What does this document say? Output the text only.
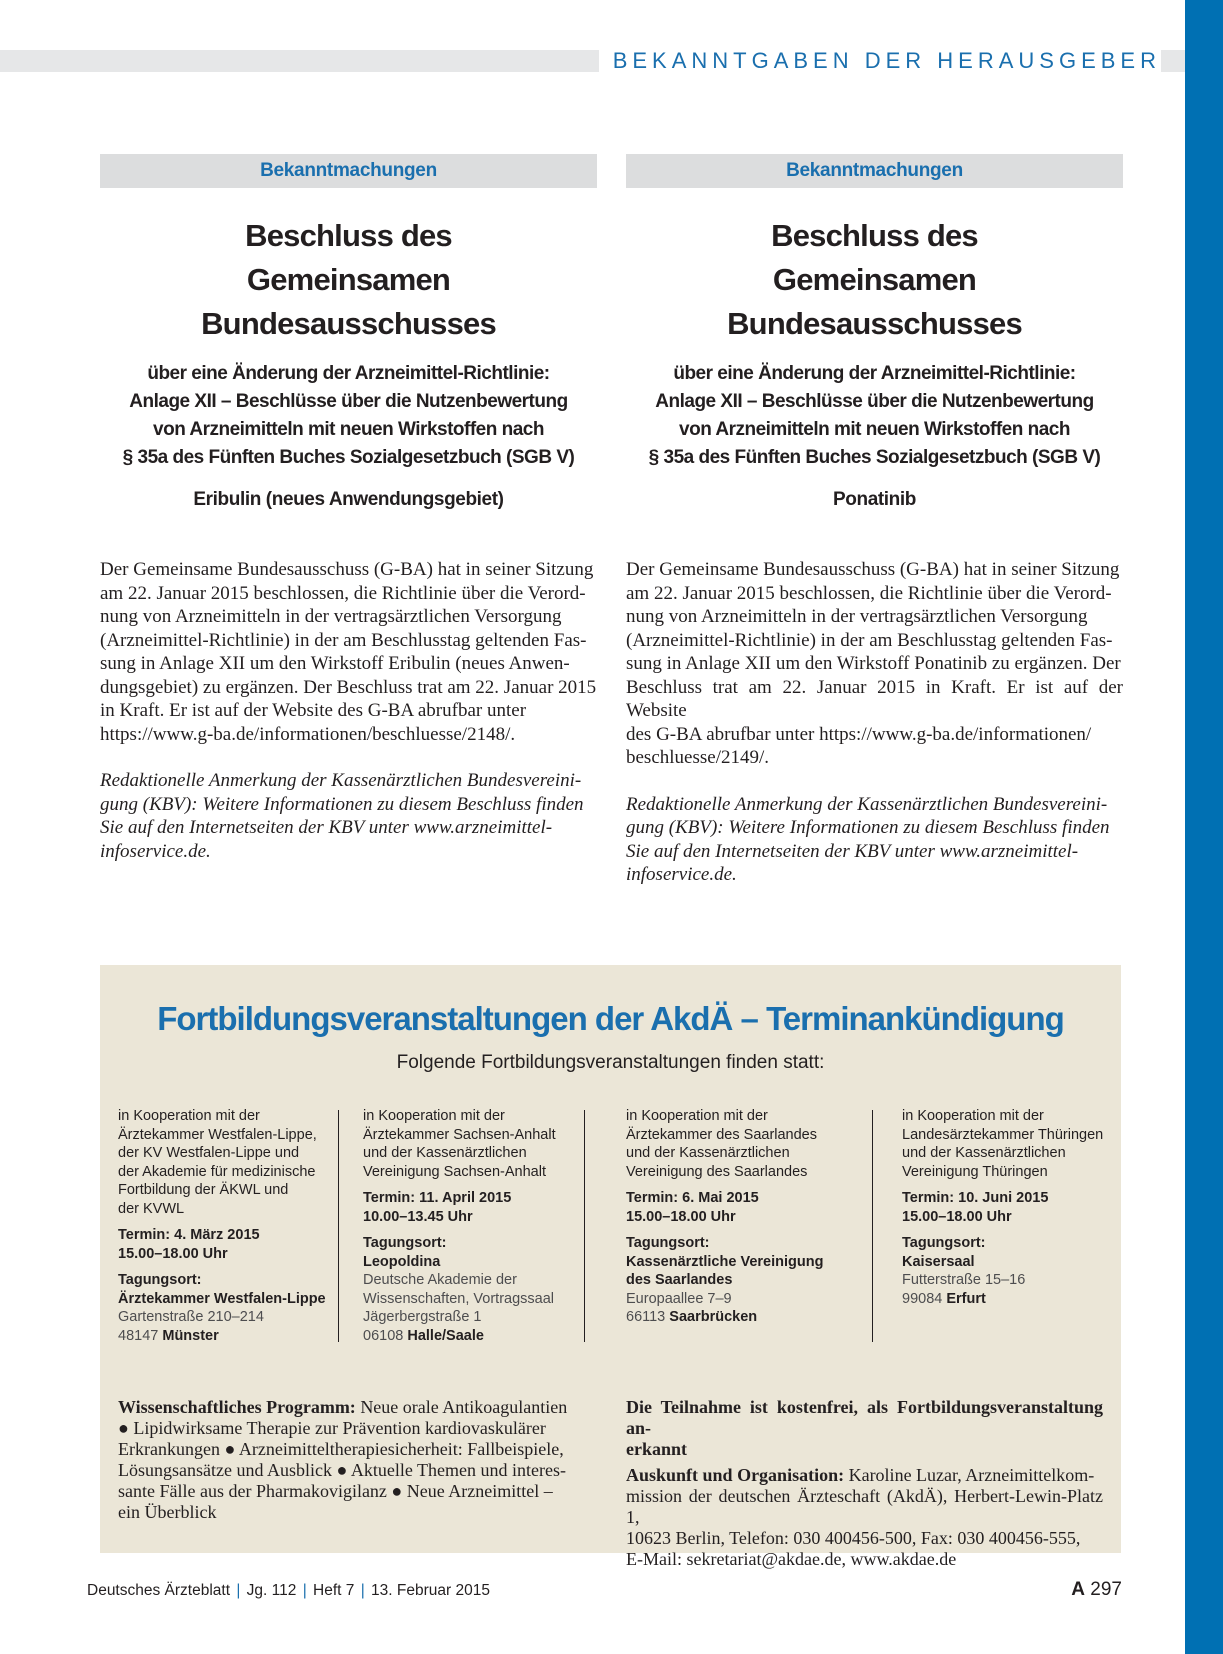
BEKANNTGABEN DER HERAUSGEBER
Bekanntmachungen
Beschluss des
Gemeinsamen Bundesausschusses
über eine Änderung der Arzneimittel-Richtlinie:
Anlage XII – Beschlüsse über die Nutzenbewertung
von Arzneimitteln mit neuen Wirkstoffen nach
§ 35a des Fünften Buches Sozialgesetzbuch (SGB V)
Eribulin (neues Anwendungsgebiet)
Der Gemeinsame Bundesausschuss (G-BA) hat in seiner Sitzung
am 22. Januar 2015 beschlossen, die Richtlinie über die Verord-
nung von Arzneimitteln in der vertragsärztlichen Versorgung
(Arzneimittel-Richtlinie) in der am Beschlusstag geltenden Fas-
sung in Anlage XII um den Wirkstoff Eribulin (neues Anwen-
dungsgebiet) zu ergänzen. Der Beschluss trat am 22. Januar 2015
in Kraft. Er ist auf der Website des G-BA abrufbar unter
https://www.g-ba.de/informationen/beschluesse/2148/.
Redaktionelle Anmerkung der Kassenärztlichen Bundesvereini-
gung (KBV): Weitere Informationen zu diesem Beschluss finden
Sie auf den Internetseiten der KBV unter www.arzneimittel-
infoservice.de.
Bekanntmachungen
Beschluss des
Gemeinsamen Bundesausschusses
über eine Änderung der Arzneimittel-Richtlinie:
Anlage XII – Beschlüsse über die Nutzenbewertung
von Arzneimitteln mit neuen Wirkstoffen nach
§ 35a des Fünften Buches Sozialgesetzbuch (SGB V)
Ponatinib
Der Gemeinsame Bundesausschuss (G-BA) hat in seiner Sitzung
am 22. Januar 2015 beschlossen, die Richtlinie über die Verord-
nung von Arzneimitteln in der vertragsärztlichen Versorgung
(Arzneimittel-Richtlinie) in der am Beschlusstag geltenden Fas-
sung in Anlage XII um den Wirkstoff Ponatinib zu ergänzen. Der
Beschluss trat am 22. Januar 2015 in Kraft. Er ist auf der Website
des G-BA abrufbar unter https://www.g-ba.de/informationen/
beschluesse/2149/.
Redaktionelle Anmerkung der Kassenärztlichen Bundesvereini-
gung (KBV): Weitere Informationen zu diesem Beschluss finden
Sie auf den Internetseiten der KBV unter www.arzneimittel-
infoservice.de.
Fortbildungsveranstaltungen der AkdÄ – Terminankündigung
Folgende Fortbildungsveranstaltungen finden statt:
in Kooperation mit der
Ärztekammer Westfalen-Lippe,
der KV Westfalen-Lippe und
der Akademie für medizinische
Fortbildung der ÄKWL und
der KVWL
Termin: 4. März 2015
15.00–18.00 Uhr
Tagungsort:
Ärztekammer Westfalen-Lippe
Gartenstraße 210–214
48147 Münster
in Kooperation mit der
Ärztekammer Sachsen-Anhalt
und der Kassenärztlichen
Vereinigung Sachsen-Anhalt
Termin: 11. April 2015
10.00–13.45 Uhr
Tagungsort:
Leopoldina
Deutsche Akademie der
Wissenschaften, Vortragssaal
Jägerbergstraße 1
06108 Halle/Saale
in Kooperation mit der
Ärztekammer des Saarlandes
und der Kassenärztlichen
Vereinigung des Saarlandes
Termin: 6. Mai 2015
15.00–18.00 Uhr
Tagungsort:
Kassenärztliche Vereinigung
des Saarlandes
Europaallee 7–9
66113 Saarbrücken
in Kooperation mit der
Landesärztekammer Thüringen
und der Kassenärztlichen
Vereinigung Thüringen
Termin: 10. Juni 2015
15.00–18.00 Uhr
Tagungsort:
Kaisersaal
Futterstraße 15–16
99084 Erfurt
Wissenschaftliches Programm: Neue orale Antikoagulantien
● Lipidwirksame Therapie zur Prävention kardiovaskulärer
Erkrankungen ● Arzneimitteltherapiesicherheit: Fallbeispiele,
Lösungsansätze und Ausblick ● Aktuelle Themen und interes-
sante Fälle aus der Pharmakovigilanz ● Neue Arzneimittel –
ein Überblick
Die Teilnahme ist kostenfrei, als Fortbildungsveranstaltung an-
erkannt
Auskunft und Organisation: Karoline Luzar, Arzneimittelkom-
mission der deutschen Ärzteschaft (AkdÄ), Herbert-Lewin-Platz 1,
10623 Berlin, Telefon: 030 400456-500, Fax: 030 400456-555,
E-Mail: sekretariat@akdae.de, www.akdae.de
Deutsches Ärzteblatt | Jg. 112 | Heft 7 | 13. Februar 2015	A 297
